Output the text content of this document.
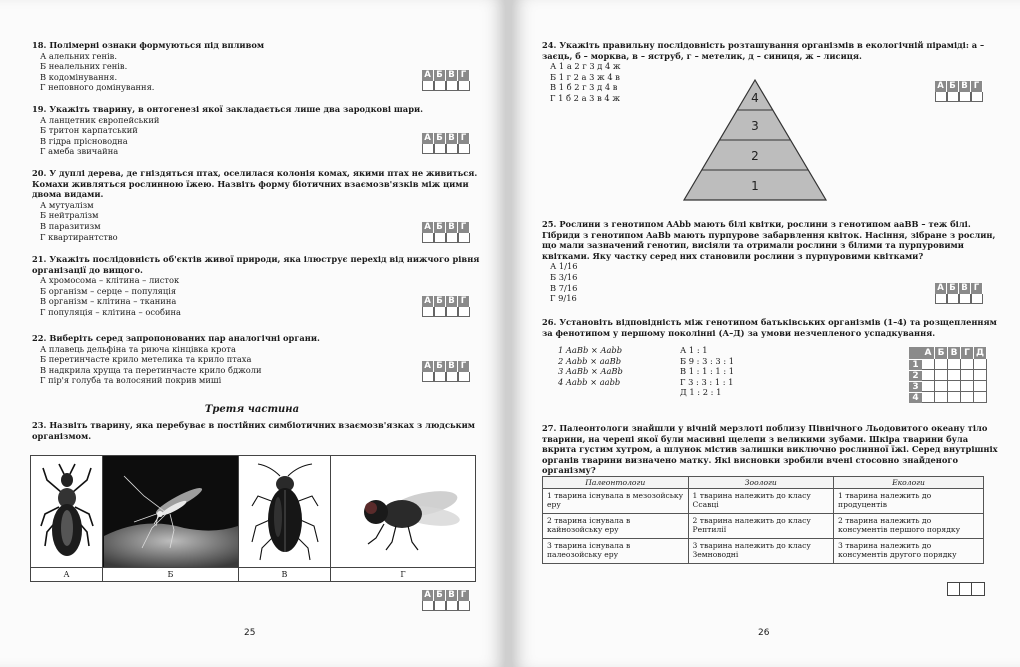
18. Полімерні ознаки формуються під впливом
А алельних генів.
Б неалельних генів.
В кодомінування.
Г неповного домінування.
А Б В Г
19. Укажіть тварину, в онтогенезі якої закладається лише два зародкові шари.
А ланцетник європейський
Б тритон карпатський
В гідра прісноводна
Г амеба звичайна
А Б В Г
20. У дуплі дерева, де гніздяться птах, оселилася колонія комах, якими птах не живиться. Комахи живляться рослинною їжею. Назвіть форму біотичних взаємозв'язків між цими двома видами.
А мутуалізм
Б нейтралізм
В паразитизм
Г квартирантство
А Б В Г
21. Укажіть послідовність об'єктів живої природи, яка ілюструє перехід від нижчого рівня організації до вищого.
А хромосома – клітина – листок
Б організм – серце – популяція
В організм – клітина – тканина
Г популяція – клітина – особина
А Б В Г
22. Виберіть серед запропонованих пар аналогічні органи.
А плавець дельфіна та риюча кінцівка крота
Б перетинчасте крило метелика та крило птаха
В надкрила хруща та перетинчасте крило бджоли
Г пір'я голуба та волосяний покрив миші
А Б В Г
Третя частина
23. Назвіть тварину, яка перебуває в постійних симбіотичних взаємозв'язках з людським організмом.
А	Б	В	Г
А Б В Г
25
24. Укажіть правильну послідовність розташування організмів в екологічній піраміді: а – заєць, б – морква, в – яструб, г – метелик, д – синиця, ж – лисиця.
А 1 а 2 г 3 д 4 ж
Б 1 г 2 а 3 ж 4 в
В 1 б 2 г 3 д 4 в
Г 1 б 2 а 3 в 4 ж	4
3
2
1
А Б В Г
25. Рослини з генотипом AAbb мають білі квітки, рослини з генотипом aaBB – теж білі. Гібриди з генотипом AaBb мають пурпурове забарвлення квіток. Насіння, зібране з рослин, що мали зазначений генотип, висіяли та отримали рослини з білими та пурпуровими квітками. Яку частку серед них становили рослини з пурпуровими квітками?
А 1/16
Б 3/16
В 7/16
Г 9/16
А Б В Г
26. Установіть відповідність між генотипом батьківських організмів (1–4) та розщепленням за фенотипом у першому поколінні (А–Д) за умови незчепленого успадкування.
1 AaBb × Aabb
2 Aabb × aaBb
3 AaBb × AaBb
4 Aabb × aabb
А 1 : 1
Б 9 : 3 : 3 : 1
В 1 : 1 : 1 : 1
Г 3 : 3 : 1 : 1
Д 1 : 2 : 1
А Б В Г Д
1
2
3
4
27. Палеонтологи знайшли у вічній мерзлоті поблизу Північного Льодовитого океану тіло тварини, на черепі якої були масивні щелепи з великими зубами. Шкіра тварини була вкрита густим хутром, а шлунок містив залишки виключно рослинної їжі. Серед внутрішніх органів тварини визначено матку. Які висновки зробили вчені стосовно знайденого організму?
Палеонтологи	Зоологи	Екологи
1 тварина існувала в мезозойську еру	1 тварина належить до класу Ссавці	1 тварина належить до продуцентів
2 тварина існувала в кайнозойську еру	2 тварина належить до класу Рептилії	2 тварина належить до консументів першого порядку
3 тварина існувала в палеозойську еру	3 тварина належить до класу Земноводні	3 тварина належить до консументів другого порядку
26
